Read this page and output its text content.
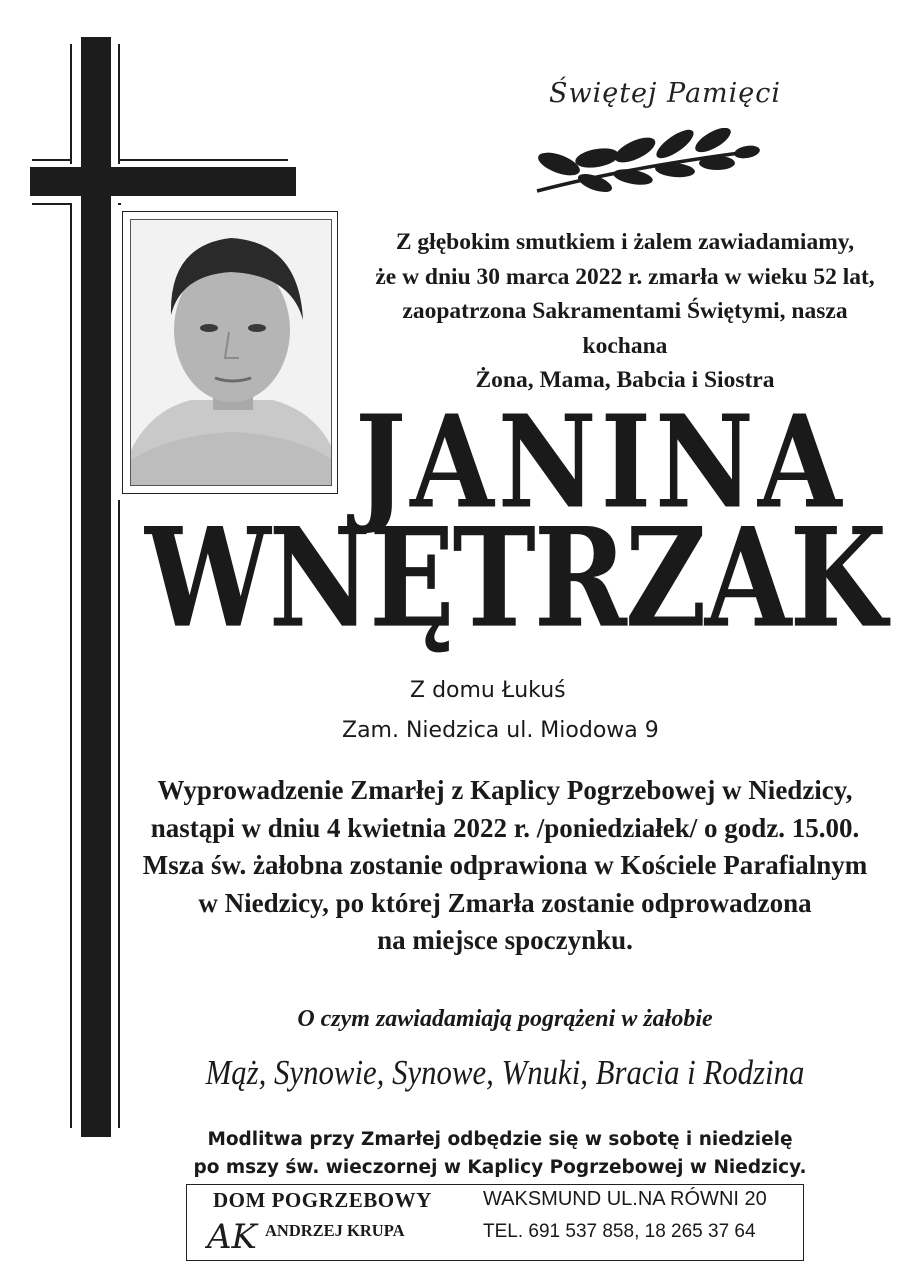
Świętej Pamięci
Z głębokim smutkiem i żalem zawiadamiamy,
że w dniu 30 marca 2022 r. zmarła w wieku 52 lat,
zaopatrzona Sakramentami Świętymi, nasza kochana
Żona, Mama, Babcia i Siostra
JANINA
WNĘTRZAK
Z domu Łukuś
Zam. Niedzica ul. Miodowa 9
Wyprowadzenie Zmarłej z Kaplicy Pogrzebowej w Niedzicy,
nastąpi w dniu 4 kwietnia 2022 r. /poniedziałek/ o godz. 15.00.
Msza św. żałobna zostanie odprawiona w Kościele Parafialnym
w Niedzicy, po której Zmarła zostanie odprowadzona
na miejsce spoczynku.
O czym zawiadamiają pogrążeni w żałobie
Mąż, Synowie, Synowe, Wnuki, Bracia i Rodzina
Modlitwa przy Zmarłej odbędzie się w sobotę i niedzielę
po mszy św. wieczornej w Kaplicy Pogrzebowej w Niedzicy.
DOM POGRZEBOWY
AK ANDRZEJ KRUPA
WAKSMUND UL.NA RÓWNI 20
TEL. 691 537 858, 18 265 37 64
